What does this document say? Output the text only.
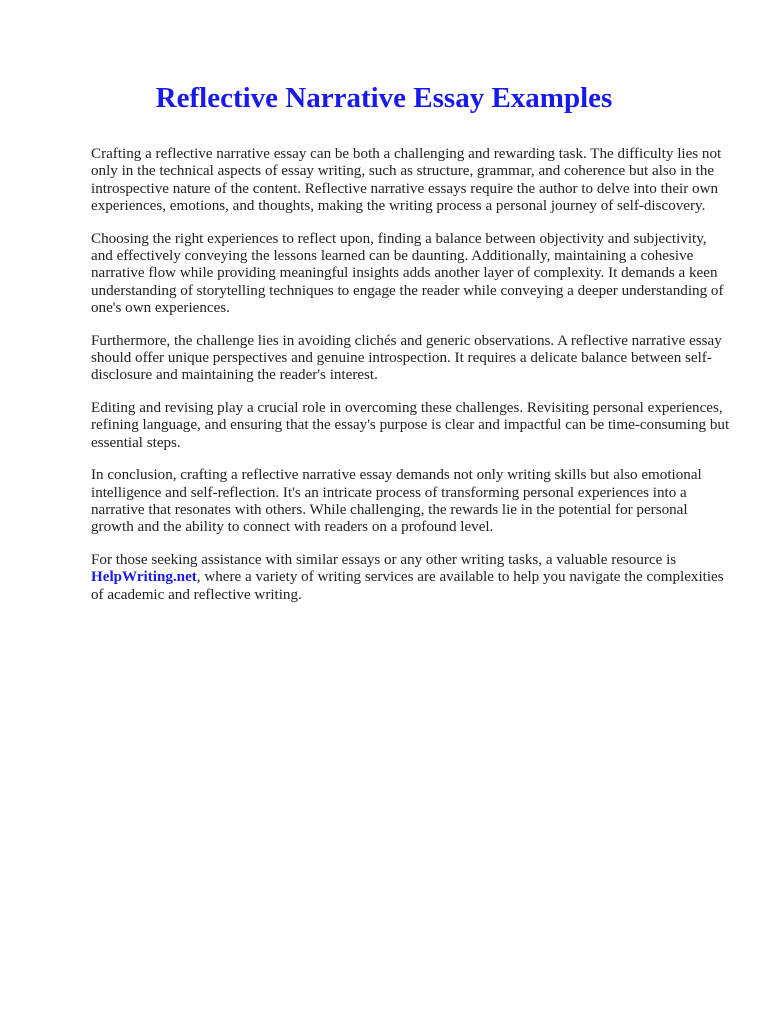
Reflective Narrative Essay Examples

Crafting a reflective narrative essay can be both a challenging and rewarding task. The difficulty lies not only in the technical aspects of essay writing, such as structure, grammar, and coherence but also in the introspective nature of the content. Reflective narrative essays require the author to delve into their own experiences, emotions, and thoughts, making the writing process a personal journey of self-discovery.

Choosing the right experiences to reflect upon, finding a balance between objectivity and subjectivity, and effectively conveying the lessons learned can be daunting. Additionally, maintaining a cohesive narrative flow while providing meaningful insights adds another layer of complexity. It demands a keen understanding of storytelling techniques to engage the reader while conveying a deeper understanding of one's own experiences.

Furthermore, the challenge lies in avoiding clichés and generic observations. A reflective narrative essay should offer unique perspectives and genuine introspection. It requires a delicate balance between self-disclosure and maintaining the reader's interest.

Editing and revising play a crucial role in overcoming these challenges. Revisiting personal experiences, refining language, and ensuring that the essay's purpose is clear and impactful can be time-consuming but essential steps.

In conclusion, crafting a reflective narrative essay demands not only writing skills but also emotional intelligence and self-reflection. It's an intricate process of transforming personal experiences into a narrative that resonates with others. While challenging, the rewards lie in the potential for personal growth and the ability to connect with readers on a profound level.

For those seeking assistance with similar essays or any other writing tasks, a valuable resource is HelpWriting.net, where a variety of writing services are available to help you navigate the complexities of academic and reflective writing.
